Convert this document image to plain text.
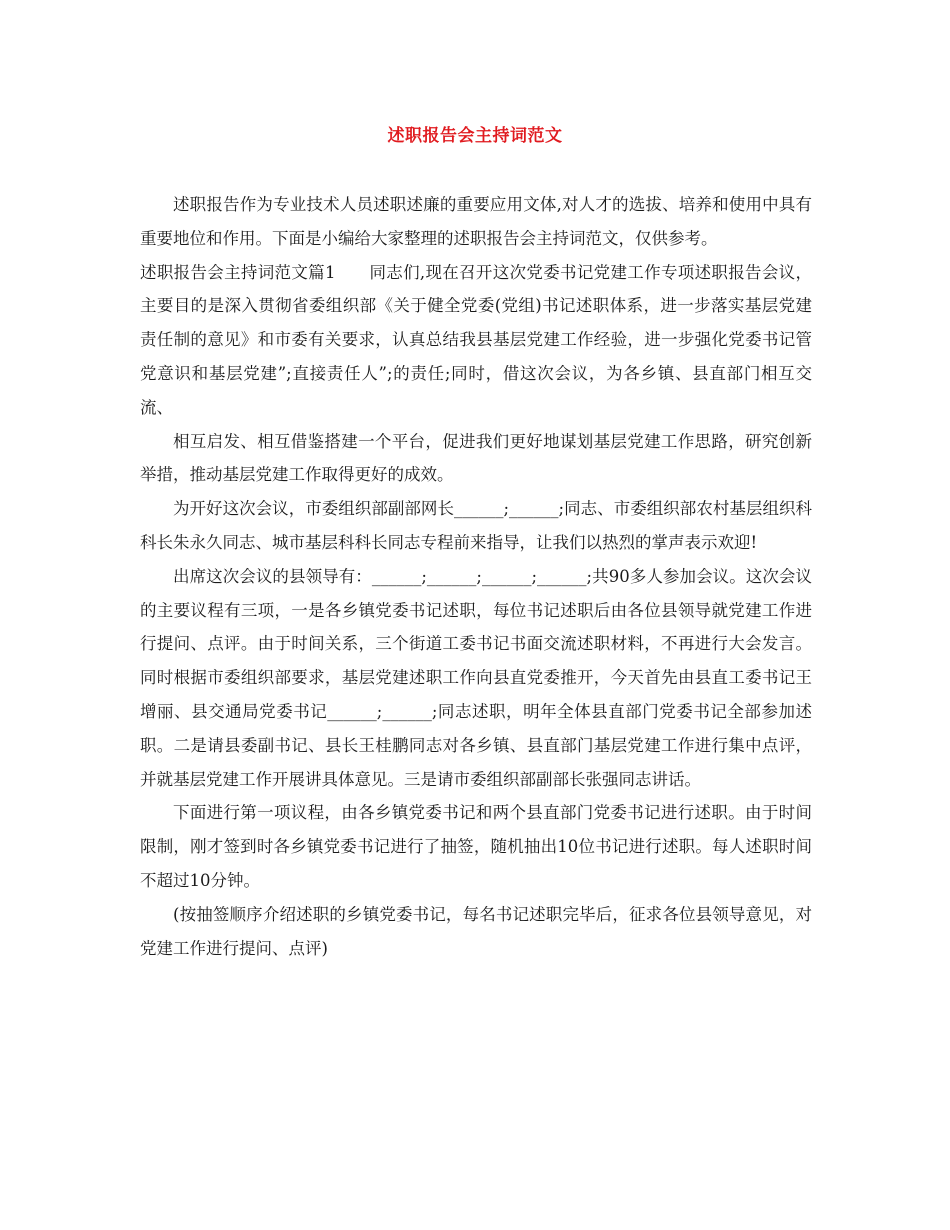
述职报告会主持词范文

述职报告作为专业技术人员述职述廉的重要应用文体,对人才的选拔、培养和使用中具有重要地位和作用。下面是小编给大家整理的述职报告会主持词范文，仅供参考。

述职报告会主持词范文篇1　　同志们,现在召开这次党委书记党建工作专项述职报告会议，主要目的是深入贯彻省委组织部《关于健全党委(党组)书记述职体系，进一步落实基层党建责任制的意见》和市委有关要求，认真总结我县基层党建工作经验，进一步强化党委书记管党意识和基层党建”;直接责任人”;的责任;同时，借这次会议，为各乡镇、县直部门相互交流、

相互启发、相互借鉴搭建一个平台，促进我们更好地谋划基层党建工作思路，研究创新举措，推动基层党建工作取得更好的成效。

为开好这次会议，市委组织部副部网长______;______;同志、市委组织部农村基层组织科科长朱永久同志、城市基层科科长同志专程前来指导，让我们以热烈的掌声表示欢迎!

出席这次会议的县领导有：______;______;______;______;共90多人参加会议。这次会议的主要议程有三项，一是各乡镇党委书记述职，每位书记述职后由各位县领导就党建工作进行提问、点评。由于时间关系，三个街道工委书记书面交流述职材料，不再进行大会发言。同时根据市委组织部要求，基层党建述职工作向县直党委推开，今天首先由县直工委书记王增丽、县交通局党委书记______;______;同志述职，明年全体县直部门党委书记全部参加述职。二是请县委副书记、县长王桂鹏同志对各乡镇、县直部门基层党建工作进行集中点评，并就基层党建工作开展讲具体意见。三是请市委组织部副部长张强同志讲话。

下面进行第一项议程，由各乡镇党委书记和两个县直部门党委书记进行述职。由于时间限制，刚才签到时各乡镇党委书记进行了抽签，随机抽出10位书记进行述职。每人述职时间不超过10分钟。

(按抽签顺序介绍述职的乡镇党委书记，每名书记述职完毕后，征求各位县领导意见，对党建工作进行提问、点评)
